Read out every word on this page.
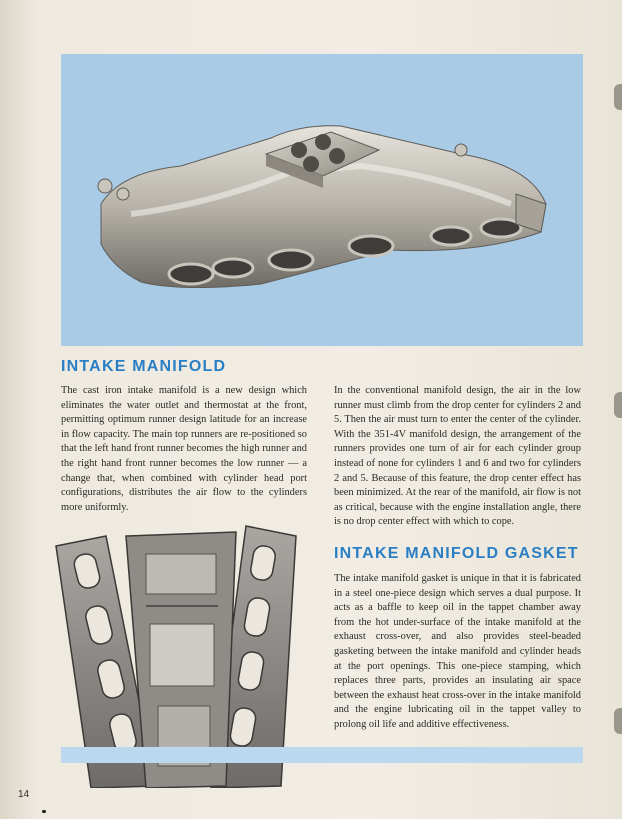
INTAKE MANIFOLD

The cast iron intake manifold is a new design which eliminates the water outlet and thermostat at the front, permitting optimum runner design latitude for an increase in flow capacity. The main top runners are re-positioned so that the left hand front runner becomes the high runner and the right hand front runner becomes the low runner — a change that, when combined with cylinder head port configurations, distributes the air flow to the cylinders more uniformly.

In the conventional manifold design, the air in the low runner must climb from the drop center for cylinders 2 and 5. Then the air must turn to enter the center of the cylinder. With the 351-4V manifold design, the arrangement of the runners provides one turn of air for each cylinder group instead of none for cylinders 1 and 6 and two for cylinders 2 and 5. Because of this feature, the drop center effect has been minimized. At the rear of the manifold, air flow is not as critical, because with the engine installation angle, there is no drop center effect with which to cope.

INTAKE MANIFOLD GASKET

The intake manifold gasket is unique in that it is fabricated in a steel one-piece design which serves a dual purpose. It acts as a baffle to keep oil in the tappet chamber away from the hot under-surface of the intake manifold at the exhaust cross-over, and also provides steel-beaded gasketing between the intake manifold and cylinder heads at the port openings. This one-piece stamping, which replaces three parts, provides an insulating air space between the exhaust heat cross-over in the intake manifold and the engine lubricating oil in the tappet valley to prolong oil life and additive effectiveness.

14
